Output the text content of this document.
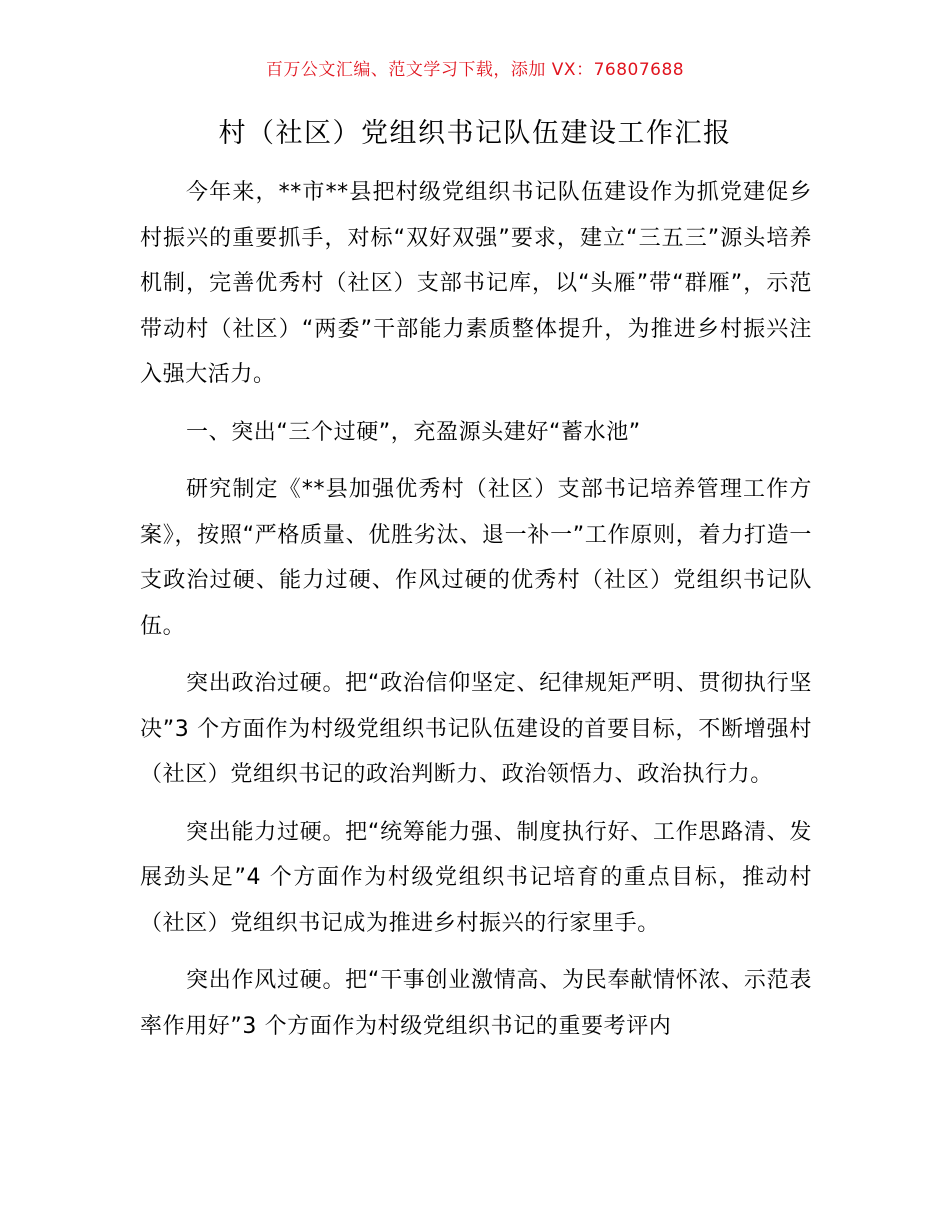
百万公文汇编、范文学习下载，添加 VX：76807688
村（社区）党组织书记队伍建设工作汇报

今年来，**市**县把村级党组织书记队伍建设作为抓党建促乡村振兴的重要抓手，对标“双好双强”要求，建立“三五三”源头培养机制，完善优秀村（社区）支部书记库，以“头雁”带“群雁”，示范带动村（社区）“两委”干部能力素质整体提升，为推进乡村振兴注入强大活力。

一、突出“三个过硬”，充盈源头建好“蓄水池”

研究制定《**县加强优秀村（社区）支部书记培养管理工作方案》，按照“严格质量、优胜劣汰、退一补一”工作原则，着力打造一支政治过硬、能力过硬、作风过硬的优秀村（社区）党组织书记队伍。

突出政治过硬。把“政治信仰坚定、纪律规矩严明、贯彻执行坚决”3 个方面作为村级党组织书记队伍建设的首要目标，不断增强村（社区）党组织书记的政治判断力、政治领悟力、政治执行力。

突出能力过硬。把“统筹能力强、制度执行好、工作思路清、发展劲头足”4 个方面作为村级党组织书记培育的重点目标，推动村（社区）党组织书记成为推进乡村振兴的行家里手。

突出作风过硬。把“干事创业激情高、为民奉献情怀浓、示范表率作用好”3 个方面作为村级党组织书记的重要考评内
